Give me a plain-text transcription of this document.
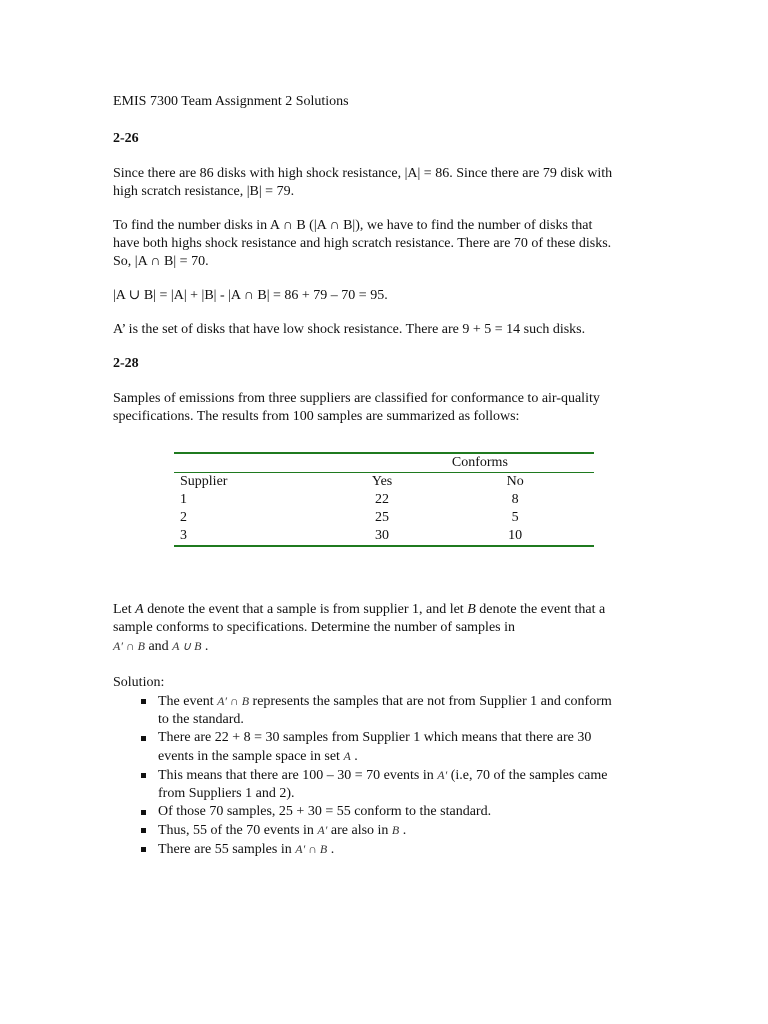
EMIS 7300 Team Assignment 2 Solutions

2-26

Since there are 86 disks with high shock resistance, |A| = 86. Since there are 79 disk with

high scratch resistance, |B| = 79.

To find the number disks in A ∩ B (|A ∩ B|), we have to find the number of disks that

have both highs shock resistance and high scratch resistance. There are 70 of these disks.

So, |A ∩ B| = 70.

|A ∪ B| = |A| + |B| - |A ∩ B| = 86 + 79 – 70 = 95.

A’ is the set of disks that have low shock resistance. There are 9 + 5 = 14 such disks.

2-28

Samples of emissions from three suppliers are classified for conformance to air-quality

specifications. The results from 100 samples are summarized as follows:

	Conforms	
Supplier	Yes	No
1	22	8
2	25	5
3	30	10

Let A denote the event that a sample is from supplier 1, and let B denote the event that a

sample conforms to specifications. Determine the number of samples in

A′ ∩ B and A ∪ B .

Solution:

The event A′ ∩ B represents the samples that are not from Supplier 1 and conform
to the standard.
There are 22 + 8 = 30 samples from Supplier 1 which means that there are 30
events in the sample space in set A .
This means that there are 100 – 30 = 70 events in A′ (i.e, 70 of the samples came
from Suppliers 1 and 2).
Of those 70 samples, 25 + 30 = 55 conform to the standard.
Thus, 55 of the 70 events in A′ are also in B .
There are 55 samples in A′ ∩ B .
